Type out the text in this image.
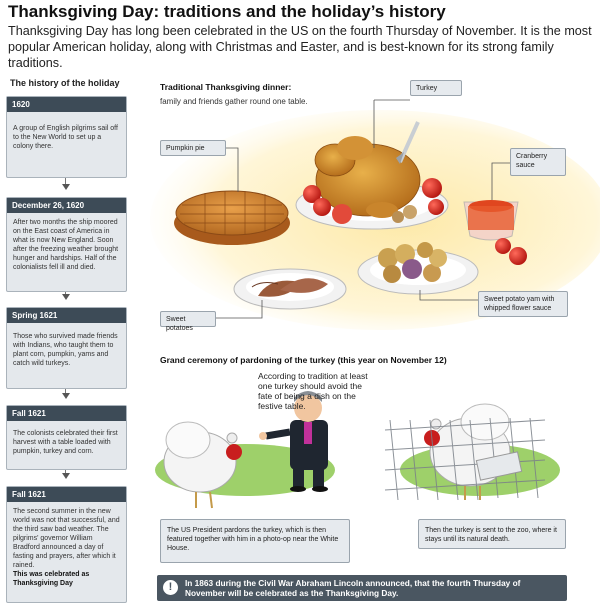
Thanksgiving Day: traditions and the holiday’s history
Thanksgiving Day has long been celebrated in the US on the fourth Thursday of November. It is the most popular American holiday, along with Christmas and Easter, and is best-known for its strong family traditions.
The history of the holiday
1620
A group of English pilgrims sail off to the New World to set up a colony there.
December 26, 1620
After two months the ship moored on the East coast of America in what is now New England. Soon after the freezing weather brought hunger and hardships. Half of the colonialists fell ill and died.
Spring 1621
Those who survived made friends with Indians, who taught them to plant corn, pumpkin, yams and catch wild turkeys.
Fall 1621
The colonists celebrated their first harvest with a table loaded with pumpkin, turkey and corn.
Fall 1621
The second summer in the new world was not that successful, and the third saw bad weather. The pilgrims' governor William Bradford announced a day of fasting and prayers, after which it rained.
This was celebrated as Thanksgiving Day
Traditional Thanksgiving dinner:
family and friends gather round one table.
Turkey
Pumpkin pie
Cranberry sauce
Sweet potatoes
Sweet potato yam with whipped flower sauce
Grand ceremony of pardoning of the turkey (this year on November 12)
According to tradition at least one turkey should avoid the fate of being a dish on the festive table.
The US President pardons the turkey, which is then featured together with him in a photo-op near the White House.
Then the turkey is sent to the zoo, where it stays until its natural death.
!	In 1863 during the Civil War Abraham Lincoln announced, that the fourth Thursday of November will be celebrated as the Thanksgiving Day.
